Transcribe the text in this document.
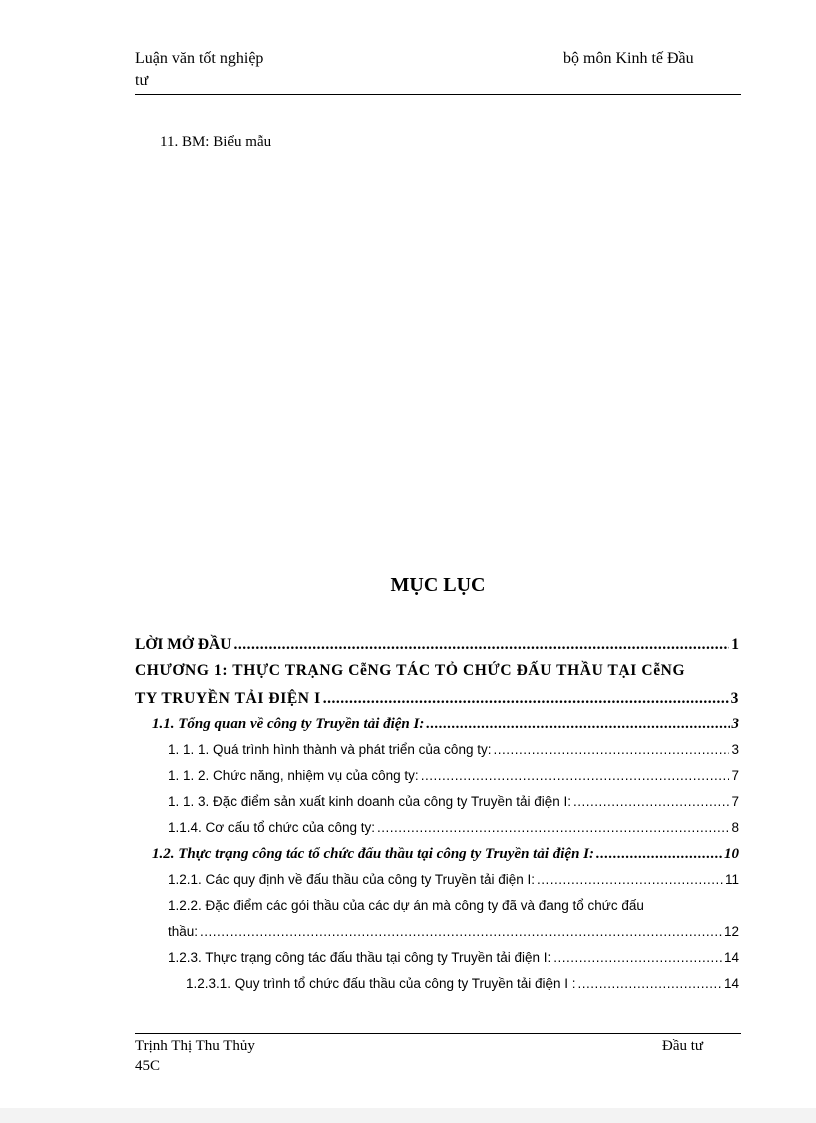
Luận văn tốt nghiệp
tư
bộ môn Kinh tế Đầu
11. BM: Biểu mẫu
MỤC LỤC
LỜI MỞ ĐẦU .....	1
CHƯƠNG 1: THỰC TRẠNG CễNG TÁC TỎ CHỨC ĐẤU THẦU TẠI CễNG
TY TRUYỀN TẢI ĐIỆN I .....	3
1.1. Tổng quan về công ty Truyền tải điện I: .....	3
1. 1. 1. Quá trình hình thành và phát triển của công ty: .....	3
1. 1. 2. Chức năng, nhiệm vụ của công ty: .....	7
1. 1. 3. Đặc điểm sản xuất kinh doanh của công ty Truyền tải điện I: .....	7
1.1.4. Cơ cấu tổ chức của công ty: .....	8
1.2. Thực trạng công tác tổ chức đấu thầu tại công ty Truyền tải điện I: .....	10
1.2.1. Các quy định về đấu thầu của công ty Truyền tải điện I: .....	11
1.2.2. Đặc điểm các gói thầu của các dự án mà công ty đã và đang tổ chức đấu
thầu: .....	12
1.2.3. Thực trạng công tác đấu thầu tại công ty Truyền tải điện I: .....	14
1.2.3.1. Quy trình tổ chức đấu thầu của công ty Truyền tải điện I : .....	14
Trịnh Thị Thu Thủy
45C
Đầu tư
